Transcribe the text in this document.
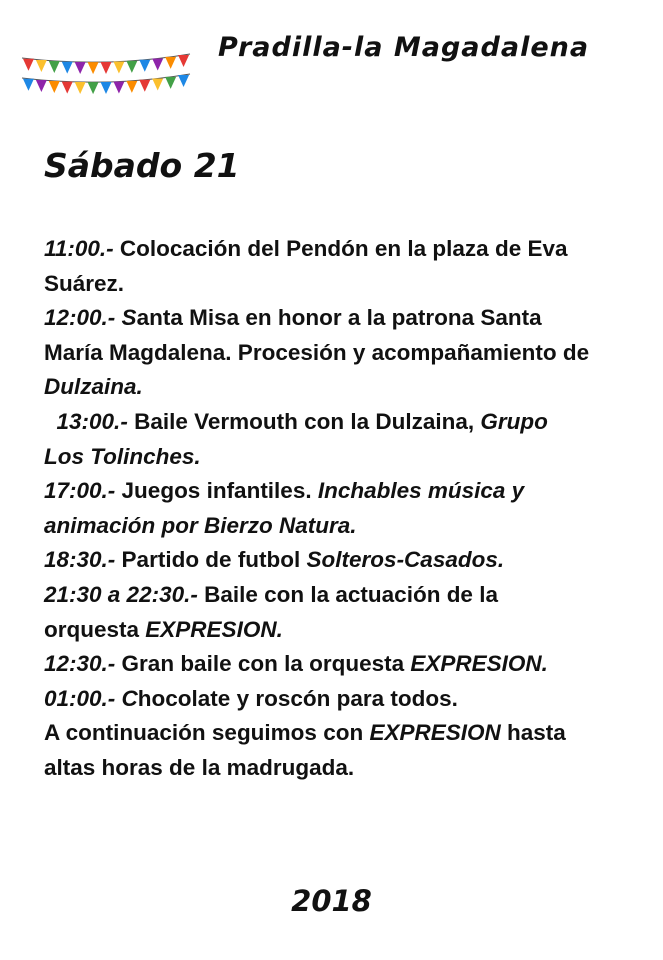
Pradilla-la Magadalena
Sábado 21
11:00.- Colocación del Pendón en la plaza de Eva
Suárez.
12:00.- Santa Misa en honor a la patrona Santa
María Magdalena. Procesión y acompañamiento de
Dulzaina.
13:00.- Baile Vermouth con la Dulzaina, Grupo
Los Tolinches.
17:00.- Juegos infantiles. Inchables música y
animación por Bierzo Natura.
18:30.- Partido de futbol Solteros-Casados.
21:30 a 22:30.- Baile con la actuación de la
orquesta EXPRESION.
12:30.- Gran baile con la orquesta EXPRESION.
01:00.- Chocolate y roscón para todos.
A continuación seguimos con EXPRESION hasta
altas horas de la madrugada.
2018
